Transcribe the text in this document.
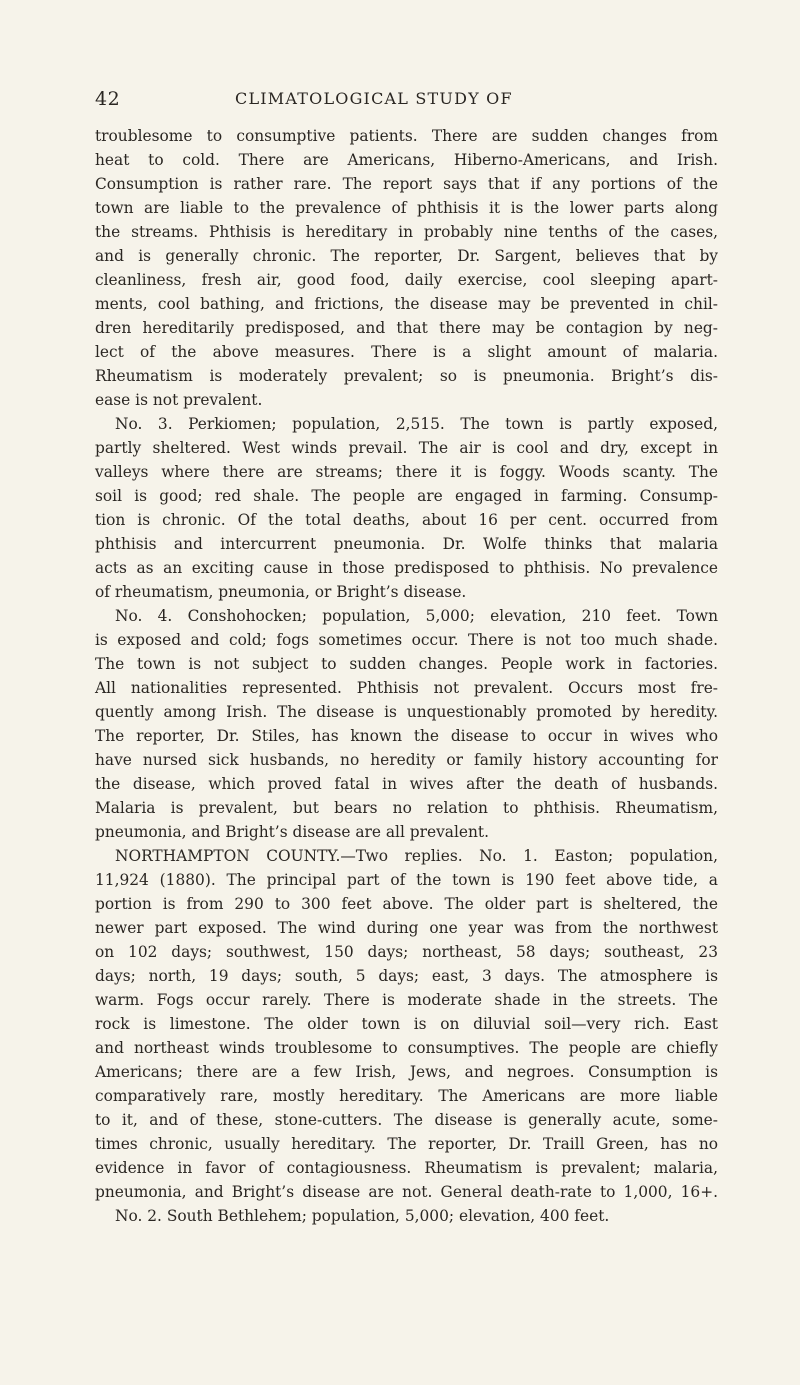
42	CLIMATOLOGICAL STUDY OF
troublesome to consumptive patients. There are sudden changes from
heat to cold. There are Americans, Hiberno-Americans, and Irish.
Consumption is rather rare. The report says that if any portions of the
town are liable to the prevalence of phthisis it is the lower parts along
the streams. Phthisis is hereditary in probably nine tenths of the cases,
and is generally chronic. The reporter, Dr. Sargent, believes that by
cleanliness, fresh air, good food, daily exercise, cool sleeping apart-
ments, cool bathing, and frictions, the disease may be prevented in chil-
dren hereditarily predisposed, and that there may be contagion by neg-
lect of the above measures. There is a slight amount of malaria.
Rheumatism is moderately prevalent; so is pneumonia. Bright’s dis-
ease is not prevalent.
No. 3. Perkiomen; population, 2,515. The town is partly exposed,
partly sheltered. West winds prevail. The air is cool and dry, except in
valleys where there are streams; there it is foggy. Woods scanty. The
soil is good; red shale. The people are engaged in farming. Consump-
tion is chronic. Of the total deaths, about 16 per cent. occurred from
phthisis and intercurrent pneumonia. Dr. Wolfe thinks that malaria
acts as an exciting cause in those predisposed to phthisis. No prevalence
of rheumatism, pneumonia, or Bright’s disease.
No. 4. Conshohocken; population, 5,000; elevation, 210 feet. Town
is exposed and cold; fogs sometimes occur. There is not too much shade.
The town is not subject to sudden changes. People work in factories.
All nationalities represented. Phthisis not prevalent. Occurs most fre-
quently among Irish. The disease is unquestionably promoted by heredity.
The reporter, Dr. Stiles, has known the disease to occur in wives who
have nursed sick husbands, no heredity or family history accounting for
the disease, which proved fatal in wives after the death of husbands.
Malaria is prevalent, but bears no relation to phthisis. Rheumatism,
pneumonia, and Bright’s disease are all prevalent.
NORTHAMPTON COUNTY.—Two replies. No. 1. Easton; population,
11,924 (1880). The principal part of the town is 190 feet above tide, a
portion is from 290 to 300 feet above. The older part is sheltered, the
newer part exposed. The wind during one year was from the northwest
on 102 days; southwest, 150 days; northeast, 58 days; southeast, 23
days; north, 19 days; south, 5 days; east, 3 days. The atmosphere is
warm. Fogs occur rarely. There is moderate shade in the streets. The
rock is limestone. The older town is on diluvial soil—very rich. East
and northeast winds troublesome to consumptives. The people are chiefly
Americans; there are a few Irish, Jews, and negroes. Consumption is
comparatively rare, mostly hereditary. The Americans are more liable
to it, and of these, stone-cutters. The disease is generally acute, some-
times chronic, usually hereditary. The reporter, Dr. Traill Green, has no
evidence in favor of contagiousness. Rheumatism is prevalent; malaria,
pneumonia, and Bright’s disease are not. General death-rate to 1,000, 16+.
No. 2. South Bethlehem; population, 5,000; elevation, 400 feet.
